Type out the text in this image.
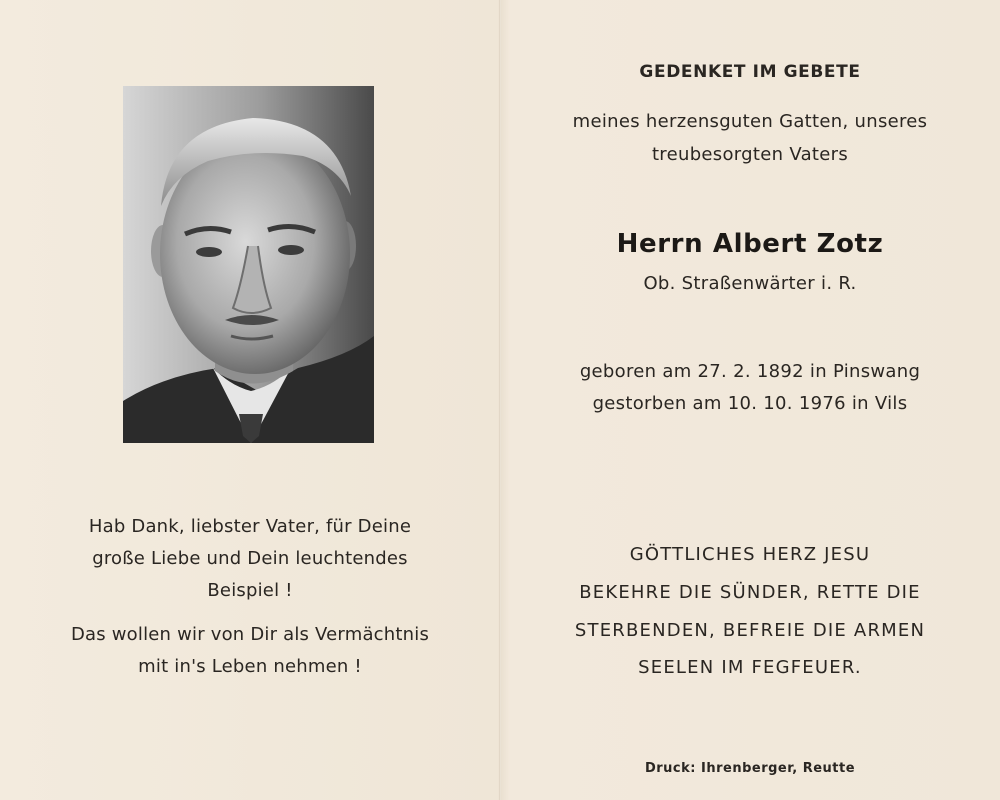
Hab Dank, liebster Vater, für Deine
große Liebe und Dein leuchtendes
Beispiel !
Das wollen wir von Dir als Vermächtnis
mit in's Leben nehmen !
GEDENKET IM GEBETE
meines herzensguten Gatten, unseres
treubesorgten Vaters
Herrn Albert Zotz
Ob. Straßenwärter i. R.
geboren am 27. 2. 1892 in Pinswang
gestorben am 10. 10. 1976 in Vils
GÖTTLICHES HERZ JESU
BEKEHRE DIE SÜNDER, RETTE DIE
STERBENDEN, BEFREIE DIE ARMEN
SEELEN IM FEGFEUER.
Druck: Ihrenberger, Reutte
